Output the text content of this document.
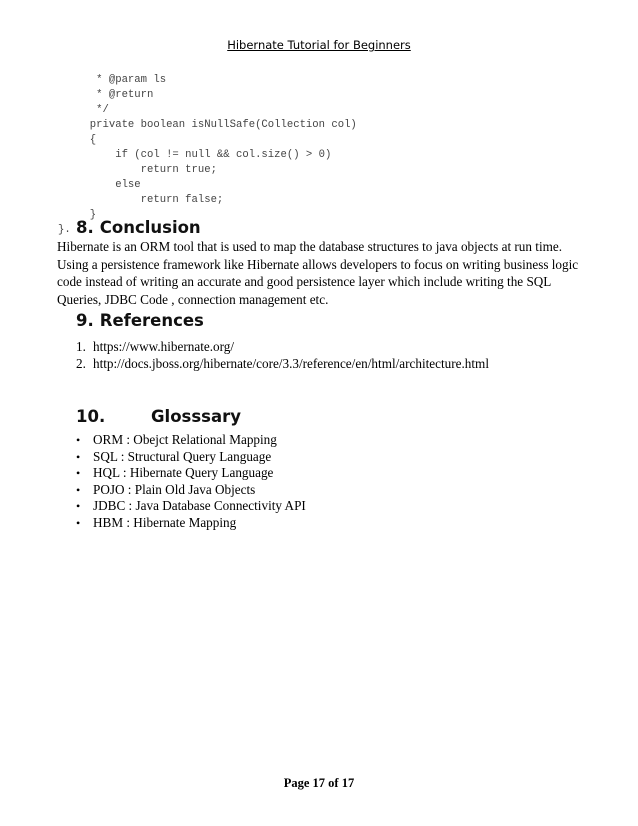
Hibernate Tutorial for Beginners
* @param ls
* @return
*/
private boolean isNullSafe(Collection col)
{
if (col != null && col.size() > 0)
return true;
else
return false;
}
}. 8. Conclusion

Hibernate is an ORM tool that is used to map the database structures to java objects at run time. Using a persistence framework like Hibernate allows developers to focus on writing business logic code instead of writing an accurate and good persistence layer which include writing the SQL Queries, JDBC Code , connection management etc.

9. References
1. https://www.hibernate.org/
2. http://docs.jboss.org/hibernate/core/3.3/reference/en/html/architecture.html
10.	Glosssary
• ORM : Obejct Relational Mapping
• SQL : Structural Query Language
• HQL : Hibernate Query Language
• POJO : Plain Old Java Objects
• JDBC : Java Database Connectivity API
• HBM : Hibernate Mapping
Page 17 of 17
